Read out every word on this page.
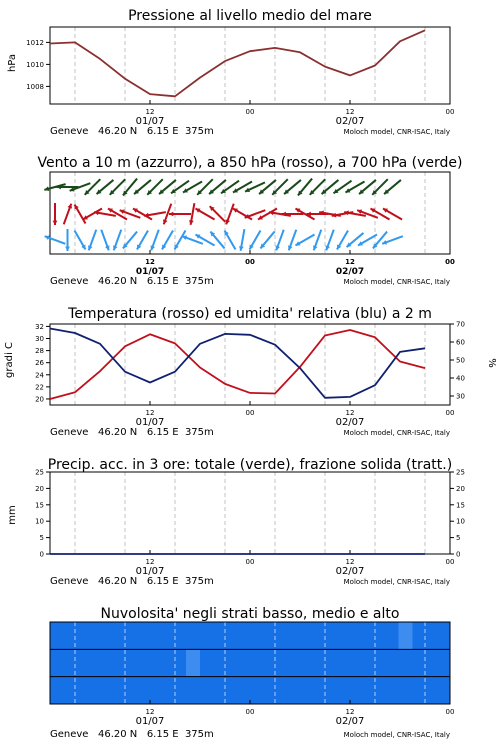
Pressione al livello medio del mare
hPa
12	00	12	00
01/07	02/07
Geneve   46.20 N   6.15 E  375m	Moloch model, CNR-ISAC, Italy
1008
1010
1012
Vento a 10 m (azzurro), a 850 hPa (rosso), a 700 hPa (verde)
12	00	12	00
01/07	02/07
Geneve   46.20 N   6.15 E  375m	Moloch model, CNR-ISAC, Italy
Temperatura (rosso) ed umidita' relativa (blu) a 2 m
gradi C	%
12	00	12	00
01/07	02/07
Geneve   46.20 N   6.15 E  375m	Moloch model, CNR-ISAC, Italy
20
22
24
26
28
30
32
30
40
50
60
70
Precip. acc. in 3 ore: totale (verde), frazione solida (tratt.)
mm
12	00	12	00
01/07	02/07
Geneve   46.20 N   6.15 E  375m	Moloch model, CNR-ISAC, Italy
0
5
10
15
20
25
0
5
10
15
20
25
Nuvolosita' negli strati basso, medio e alto
12	00	12	00
01/07	02/07
Geneve   46.20 N   6.15 E  375m	Moloch model, CNR-ISAC, Italy
